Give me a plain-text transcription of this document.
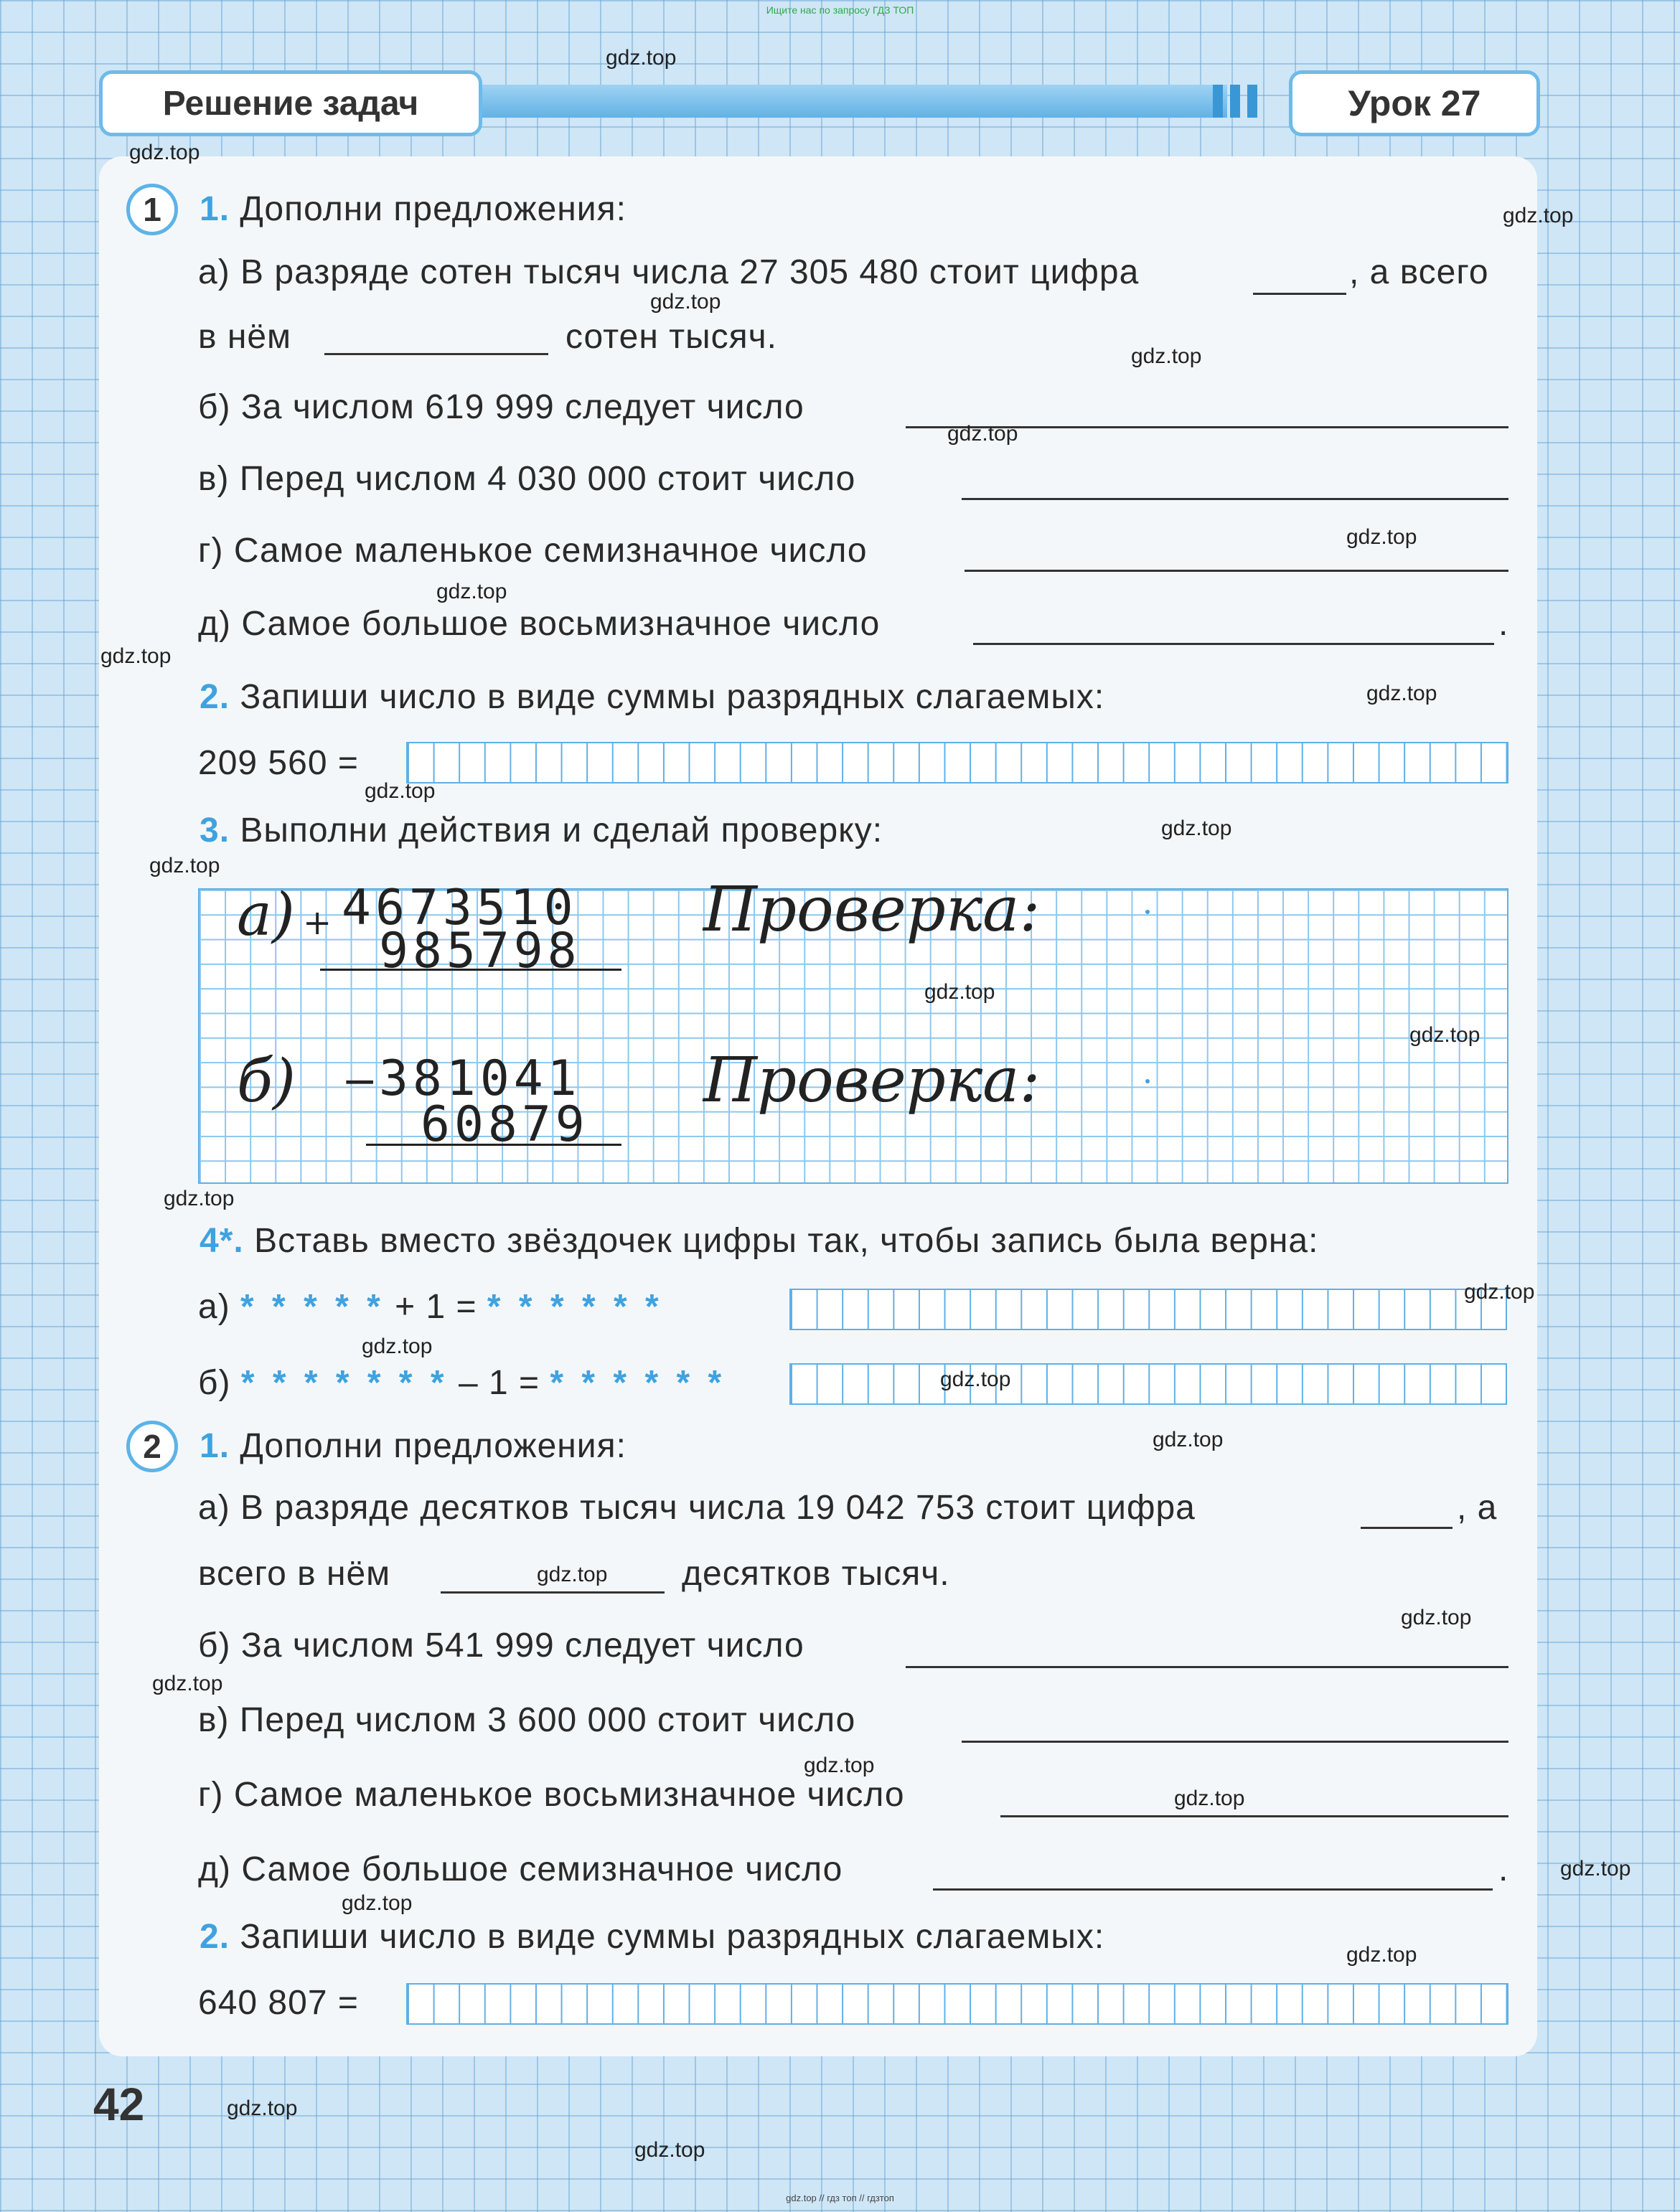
Ищите нас по запросу ГДЗ ТОП
Решение задач	Урок 27
1	1. Дополни предложения:
а) В разряде сотен тысяч числа 27 305 480 стоит цифра	, а всего
в нём	сотен тысяч.
б) За числом 619 999 следует число
в) Перед числом 4 030 000 стоит число
г) Самое маленькое семизначное число
д) Самое большое восьмизначное число	.
2. Запиши число в виде суммы разрядных слагаемых:
209 560 =
3. Выполни действия и сделай проверку:
а) + 4673510
985798
Проверка:
б) − 381041
60879
Проверка:
4*. Вставь вместо звёздочек цифры так, чтобы запись была верна:
а) * * * * * + 1 = * * * * * *
б) * * * * * * * – 1 = * * * * * *
2	1. Дополни предложения:
а) В разряде десятков тысяч числа 19 042 753 стоит цифра	, а
всего в нём	десятков тысяч.
б) За числом 541 999 следует число
в) Перед числом 3 600 000 стоит число
г) Самое маленькое восьмизначное число
д) Самое большое семизначное число	.
2. Запиши число в виде суммы разрядных слагаемых:
640 807 =
42
gdz.top
gdz.top
gdz.top
gdz.top
gdz.top
gdz.top
gdz.top
gdz.top
gdz.top
gdz.top
gdz.top
gdz.top
gdz.top
gdz.top
gdz.top
gdz.top
gdz.top
gdz.top
gdz.top
gdz.top
gdz.top
gdz.top
gdz.top
gdz.top
gdz.top
gdz.top
gdz.top
gdz.top
gdz.top
gdz.top
gdz.top // гдз топ // гдзтоп
